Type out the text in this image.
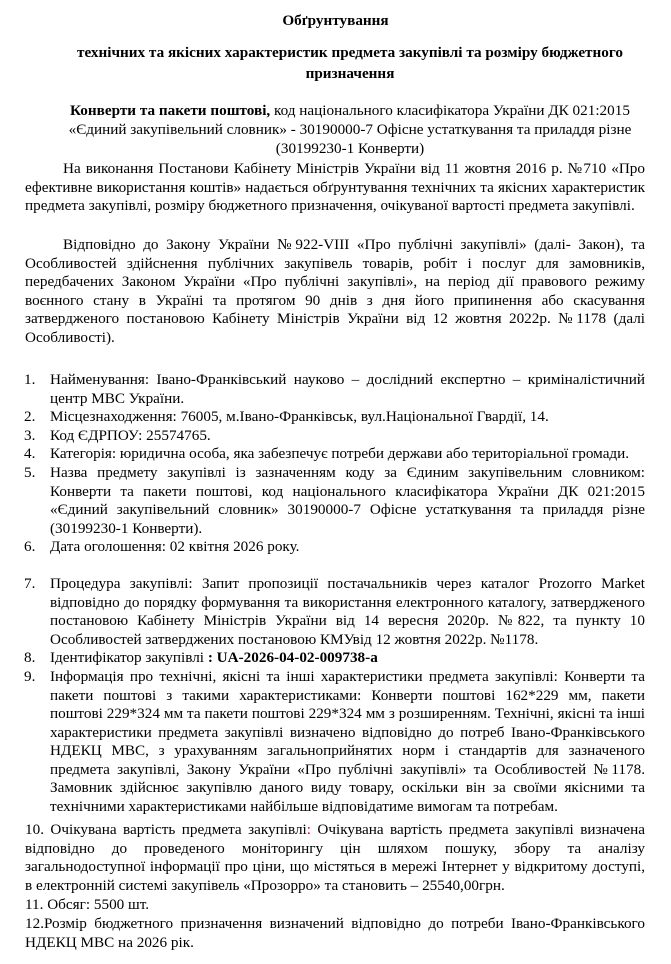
Обґрунтування
технічних та якісних характеристик предмета закупівлі та розміру бюджетного призначення
Конверти та пакети поштові, код національного класифікатора України ДК 021:2015 «Єдиний закупівельний словник» - 30190000-7 Офісне устаткування та приладдя різне (30199230-1 Конверти)
На виконання Постанови Кабінету Міністрів України від 11 жовтня 2016 р. №710 «Про ефективне використання коштів» надається обґрунтування технічних та якісних характеристик предмета закупівлі, розміру бюджетного призначення, очікуваної вартості предмета закупівлі.
Відповідно до Закону України №922-VIII «Про публічні закупівлі» (далі- Закон), та Особливостей здійснення публічних закупівель товарів, робіт і послуг для замовників, передбачених Законом України «Про публічні закупівлі», на період дії правового режиму воєнного стану в Україні та протягом 90 днів з дня його припинення або скасування затвердженого постановою Кабінету Міністрів України від 12 жовтня 2022р. №1178 (далі Особливості).
1. Найменування: Івано-Франківський науково – дослідний експертно – криміналістичний центр МВС України.
2. Місцезнаходження: 76005, м.Івано-Франківськ, вул.Національної Гвардії, 14.
3. Код ЄДРПОУ: 25574765.
4. Категорія: юридична особа, яка забезпечує потреби держави або територіальної громади.
5. Назва предмету закупівлі із зазначенням коду за Єдиним закупівельним словником: Конверти та пакети поштові, код національного класифікатора України ДК 021:2015 «Єдиний закупівельний словник» 30190000-7 Офісне устаткування та приладдя різне (30199230-1 Конверти).
6. Дата оголошення: 02 квітня 2026 року.
7. Процедура закупівлі: Запит пропозиції постачальників через каталог Prozorro Market відповідно до порядку формування та використання електронного каталогу, затвердженого постановою Кабінету Міністрів України від 14 вересня 2020р. №822, та пункту 10 Особливостей затверджених постановою КМУвід 12 жовтня 2022р. №1178.
8. Ідентифікатор закупівлі : UA-2026-04-02-009738-a
9. Інформація про технічні, якісні та інші характеристики предмета закупівлі: Конверти та пакети поштові з такими характеристиками: Конверти поштові 162*229 мм, пакети поштові 229*324 мм та пакети поштові 229*324 мм з розширенням. Технічні, якісні та інші характеристики предмета закупівлі визначено відповідно до потреб Івано-Франківського НДЕКЦ МВС, з урахуванням загальноприйнятих норм і стандартів для зазначеного предмета закупівлі, Закону України «Про публічні закупівлі» та Особливостей №1178. Замовник здійснює закупівлю даного виду товару, оскільки він за своїми якісними та технічними характеристиками найбільше відповідатиме вимогам та потребам.
10. Очікувана вартість предмета закупівлі: Очікувана вартість предмета закупівлі визначена відповідно до проведеного моніторингу цін шляхом пошуку, збору та аналізу загальнодоступної інформації про ціни, що містяться в мережі Інтернет у відкритому доступі, в електронній системі закупівель «Прозорро» та становить – 25540,00грн.
11. Обсяг: 5500 шт.
12.Розмір бюджетного призначення визначений відповідно до потреби Івано-Франківського НДЕКЦ МВС на 2026 рік.
